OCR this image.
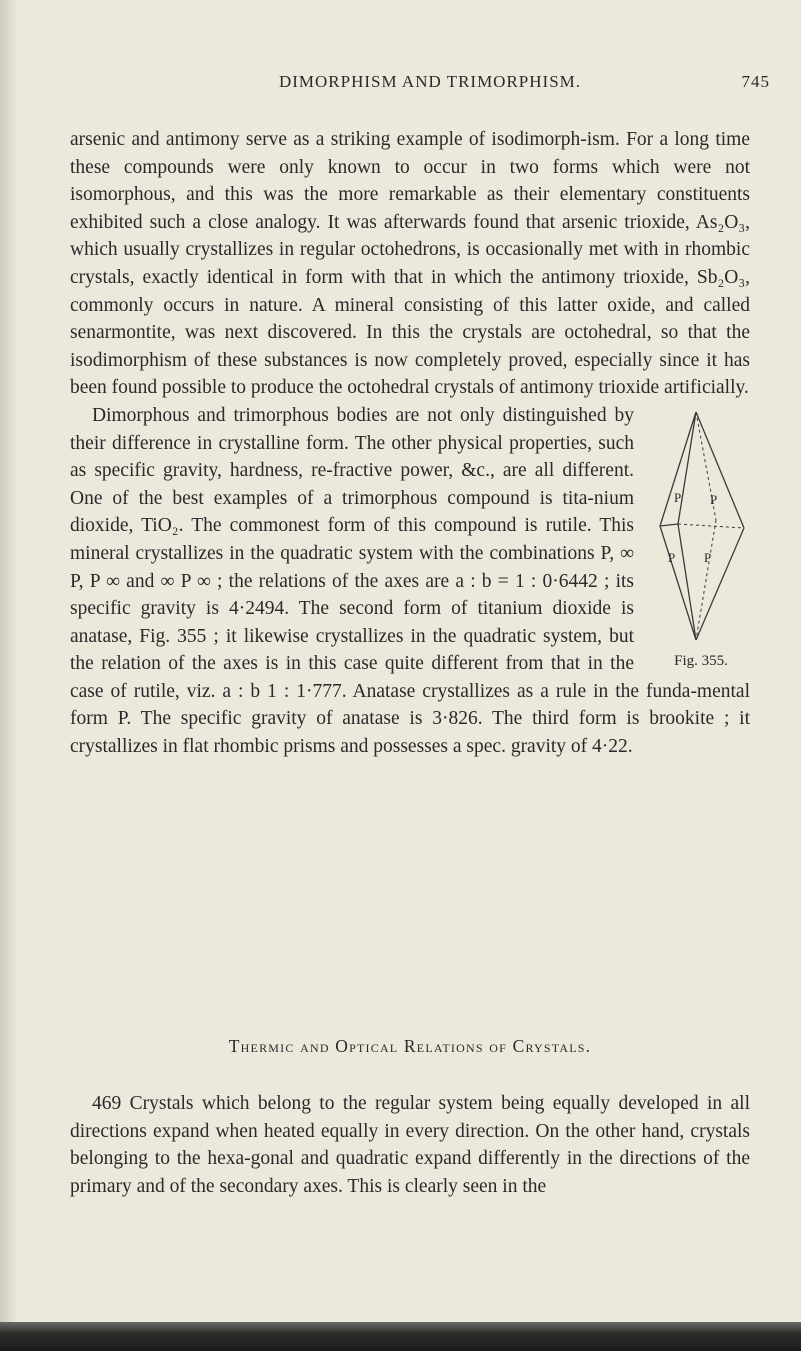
DIMORPHISM AND TRIMORPHISM.	745

arsenic and antimony serve as a striking example of isodimorph-ism. For a long time these compounds were only known to occur in two forms which were not isomorphous, and this was the more remarkable as their elementary constituents exhibited such a close analogy. It was afterwards found that arsenic trioxide, As₂O₃, which usually crystallizes in regular octohedrons, is occasionally met with in rhombic crystals, exactly identical in form with that in which the antimony trioxide, Sb₂O₃, commonly occurs in nature. A mineral consisting of this latter oxide, and called senarmontite, was next discovered. In this the crystals are octohedral, so that the isodimorphism of these substances is now completely proved, especially since it has been found possible to produce the octohedral crystals of antimony trioxide artificially.

P P
P P
Fig. 355.

Dimorphous and trimorphous bodies are not only distinguished by their difference in crystalline form. The other physical properties, such as specific gravity, hardness, re-fractive power, &c., are all different. One of the best examples of a trimorphous compound is tita-nium dioxide, TiO₂. The commonest form of this compound is rutile. This mineral crystallizes in the quadratic system with the combinations P, ∞ P, P ∞ and ∞ P ∞ ; the relations of the axes are a : b = 1 : 0·6442 ; its specific gravity is 4·2494. The second form of titanium dioxide is anatase, Fig. 355 ; it likewise crystallizes in the quadratic system, but the relation of the axes is in this case quite different from that in the case of rutile, viz. a : b 1 : 1·777. Anatase crystallizes as a rule in the funda-mental form P. The specific gravity of anatase is 3·826. The third form is brookite ; it crystallizes in flat rhombic prisms and possesses a spec. gravity of 4·22.

Thermic and Optical Relations of Crystals.

469 Crystals which belong to the regular system being equally developed in all directions expand when heated equally in every direction. On the other hand, crystals belonging to the hexa-gonal and quadratic expand differently in the directions of the primary and of the secondary axes. This is clearly seen in the
